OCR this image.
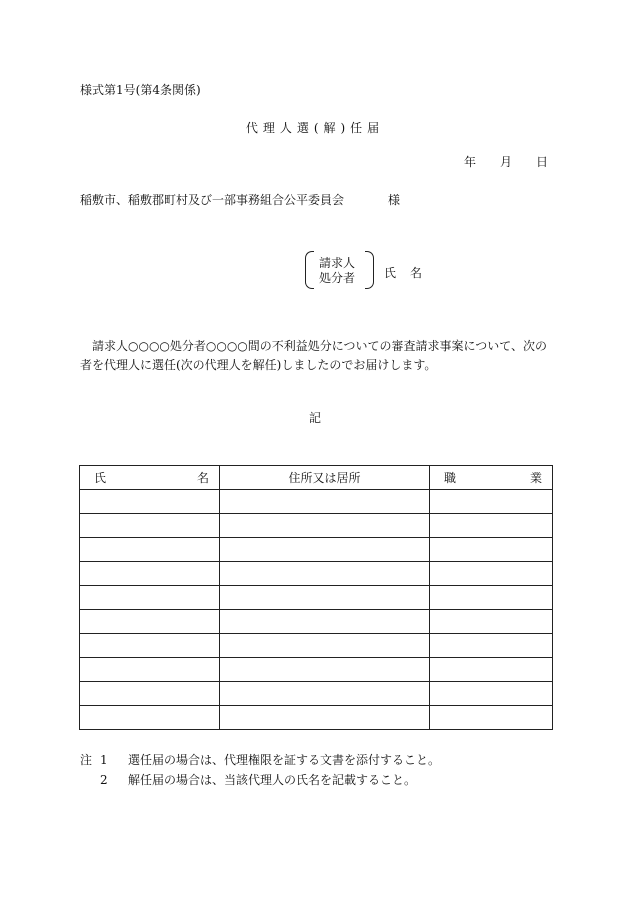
様式第1号(第4条関係)
代理人選(解)任届
年 月 日
稲敷市、稲敷郡町村及び一部事務組合公平委員会	様
請求人
処分者 氏 名
請求人○○○○処分者○○○○間の不利益処分についての審査請求事案について、次の者を代理人に選任(次の代理人を解任)しましたのでお届けします。
記
氏 名	住所又は居所	職 業

注 1	選任届の場合は、代理権限を証する文書を添付すること。
2	解任届の場合は、当該代理人の氏名を記載すること。
